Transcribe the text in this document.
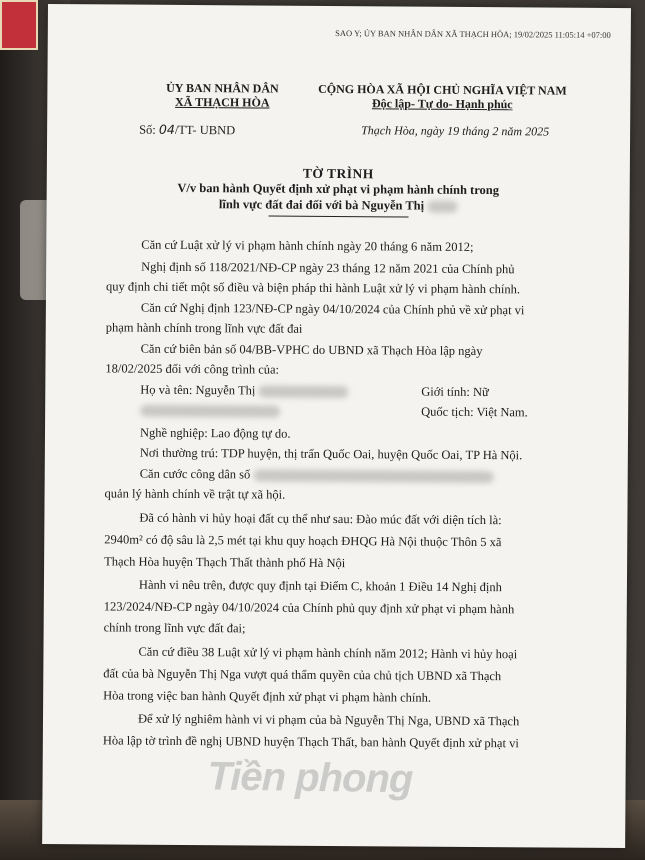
SAO Y; ỦY BAN NHÂN DÂN XÃ THẠCH HÒA; 19/02/2025 11:05:14 +07:00
ỦY BAN NHÂN DÂN
XÃ THẠCH HÒA
CỘNG HÒA XÃ HỘI CHỦ NGHĨA VIỆT NAM
Độc lập- Tự do- Hạnh phúc
Số: 04/TT- UBND	Thạch Hòa, ngày 19 tháng 2 năm 2025
TỜ TRÌNH
V/v ban hành Quyết định xử phạt vi phạm hành chính trong
lĩnh vực đất đai đối với bà Nguyễn Thị
Căn cứ Luật xử lý vi phạm hành chính ngày 20 tháng 6 năm 2012;
Nghị định số 118/2021/NĐ-CP ngày 23 tháng 12 năm 2021 của Chính phủ
quy định chi tiết một số điều và biện pháp thi hành Luật xử lý vi phạm hành chính.
Căn cứ Nghị định 123/NĐ-CP ngày 04/10/2024 của Chính phủ về xử phạt vi
phạm hành chính trong lĩnh vực đất đai
Căn cứ biên bản số 04/BB-VPHC do UBND xã Thạch Hòa lập ngày
18/02/2025 đối với công trình của:
Họ và tên: Nguyễn Thị	Giới tính: Nữ
Quốc tịch: Việt Nam.
Nghề nghiệp: Lao động tự do.
Nơi thường trú: TDP huyện, thị trấn Quốc Oai, huyện Quốc Oai, TP Hà Nội.
Căn cước công dân số
quản lý hành chính về trật tự xã hội.
Đã có hành vi hủy hoại đất cụ thể như sau: Đào múc đất với diện tích là:
2940m² có độ sâu là 2,5 mét tại khu quy hoạch ĐHQG Hà Nội thuộc Thôn 5 xã
Thạch Hòa huyện Thạch Thất thành phố Hà Nội
Hành vi nêu trên, được quy định tại Điểm C, khoản 1 Điều 14 Nghị định
123/2024/NĐ-CP ngày 04/10/2024 của Chính phủ quy định xử phạt vi phạm hành
chính trong lĩnh vực đất đai;
Căn cứ điều 38 Luật xử lý vi phạm hành chính năm 2012; Hành vi hủy hoại
đất của bà Nguyễn Thị Nga vượt quá thẩm quyền của chủ tịch UBND xã Thạch
Hòa trong việc ban hành Quyết định xử phạt vi phạm hành chính.
Để xử lý nghiêm hành vi vi phạm của bà Nguyễn Thị Nga, UBND xã Thạch
Hòa lập tờ trình đề nghị UBND huyện Thạch Thất, ban hành Quyết định xử phạt vi
Tiền phong
